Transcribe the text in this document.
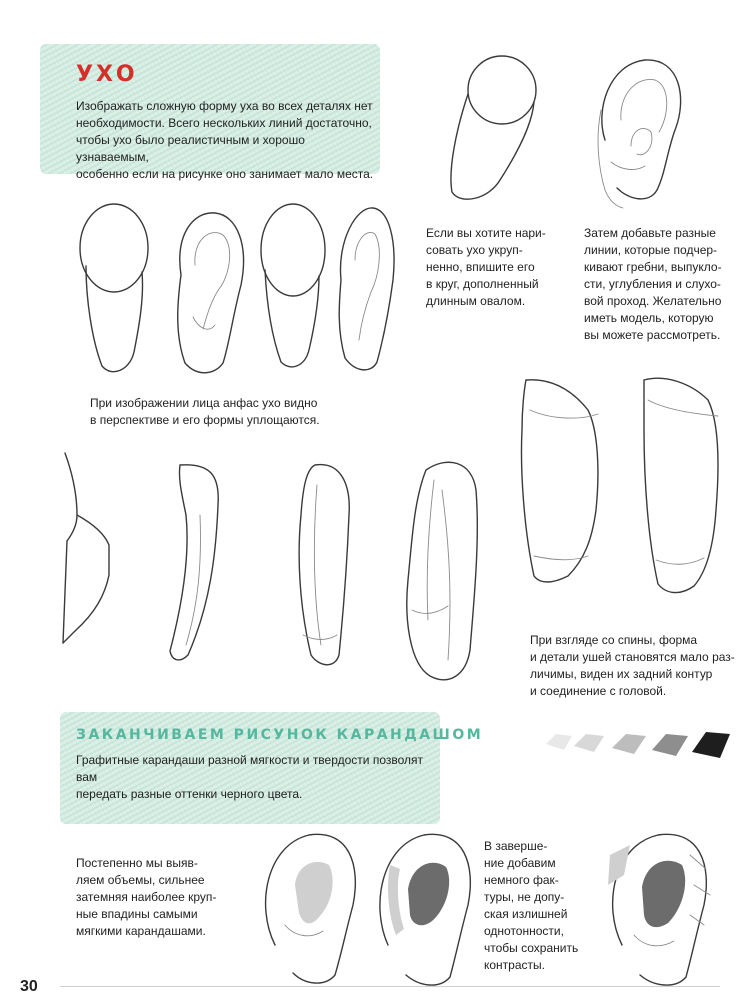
УХО
Изображать сложную форму уха во всех деталях нет
необходимости. Всего нескольких линий достаточно,
чтобы ухо было реалистичным и хорошо узнаваемым,
особенно если на рисунке оно занимает мало места.
Если вы хотите нари-
совать ухо укруп-
ненно, впишите его
в круг, дополненный
длинным овалом.
Затем добавьте разные
линии, которые подчер-
кивают гребни, выпукло-
сти, углубления и слухо-
вой проход. Желательно
иметь модель, которую
вы можете рассмотреть.
При изображении лица анфас ухо видно
в перспективе и его формы уплощаются.
При взгляде со спины, форма
и детали ушей становятся мало раз-
личимы, виден их задний контур
и соединение с головой.
ЗАКАНЧИВАЕМ РИСУНОК КАРАНДАШОМ
Графитные карандаши разной мягкости и твердости позволят вам
передать разные оттенки черного цвета.
Постепенно мы выяв-
ляем объемы, сильнее
затемняя наиболее круп-
ные впадины самыми
мягкими карандашами.
В заверше-
ние добавим
немного фак-
туры, не допу-
ская излишней
однотонности,
чтобы сохранить
контрасты.
30
